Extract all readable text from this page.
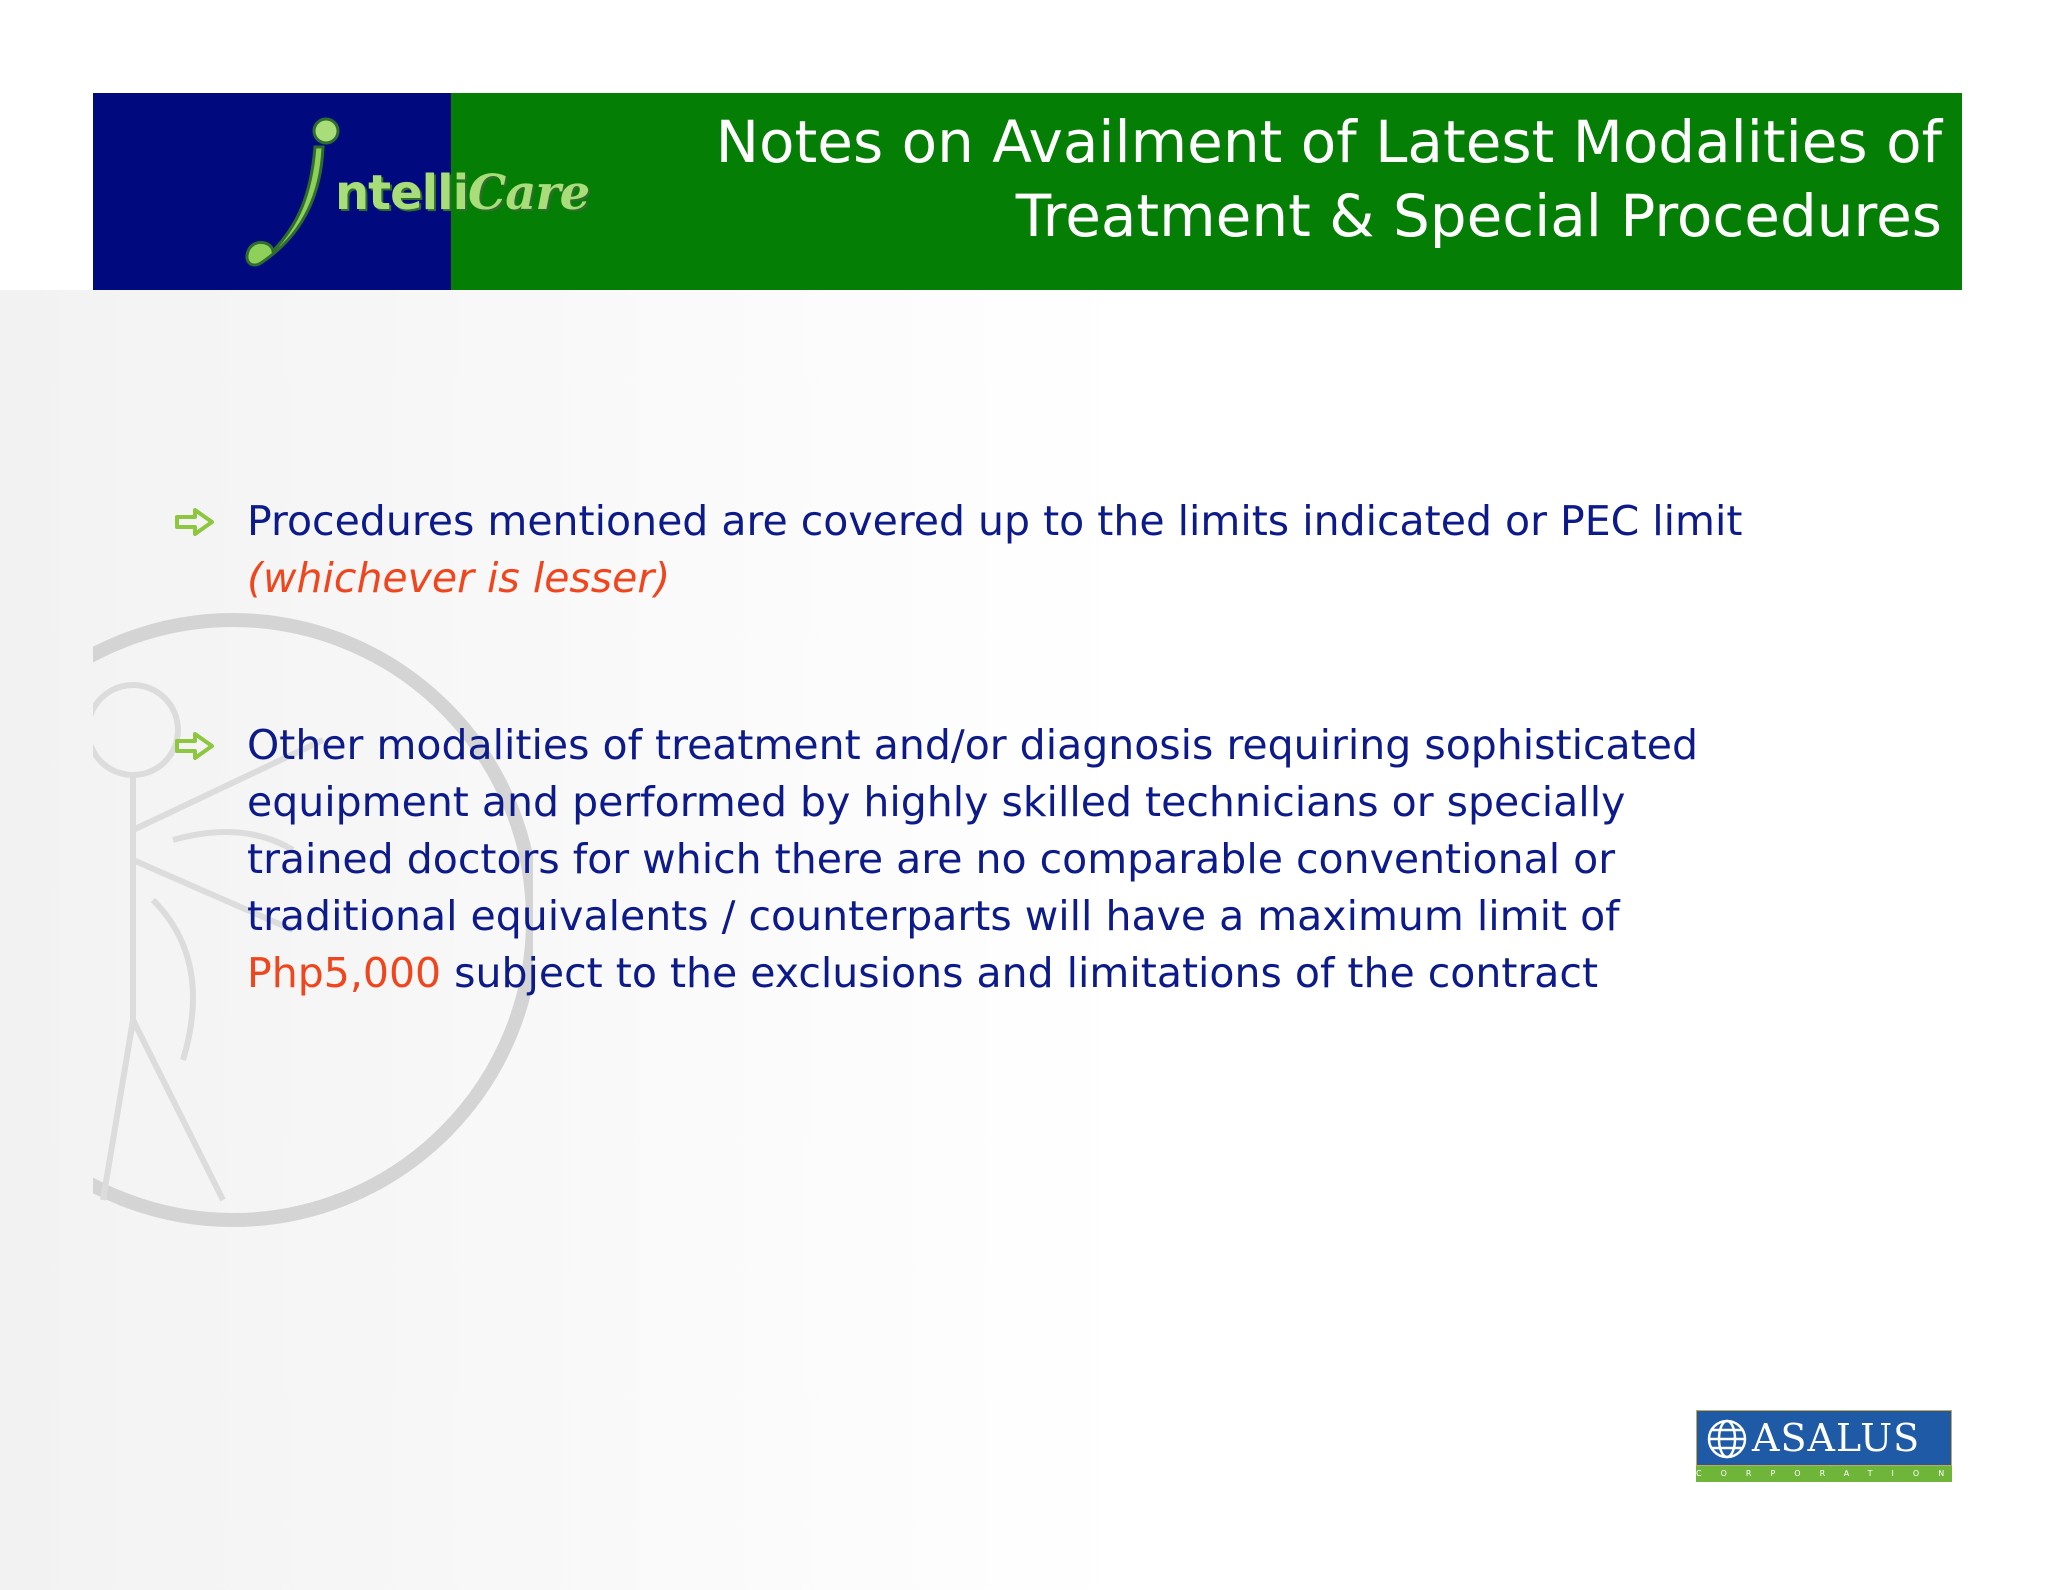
ntelliCare
Notes on Availment of Latest Modalities of
Treatment & Special Procedures
Procedures mentioned are covered up to the limits indicated or PEC limit (whichever is lesser)
Other modalities of treatment and/or diagnosis requiring sophisticated equipment and performed by highly skilled technicians or specially trained doctors for which there are no comparable conventional or traditional equivalents / counterparts will have a maximum limit of Php5,000 subject to the exclusions and limitations of the contract
ASALUS
CORPORATION
